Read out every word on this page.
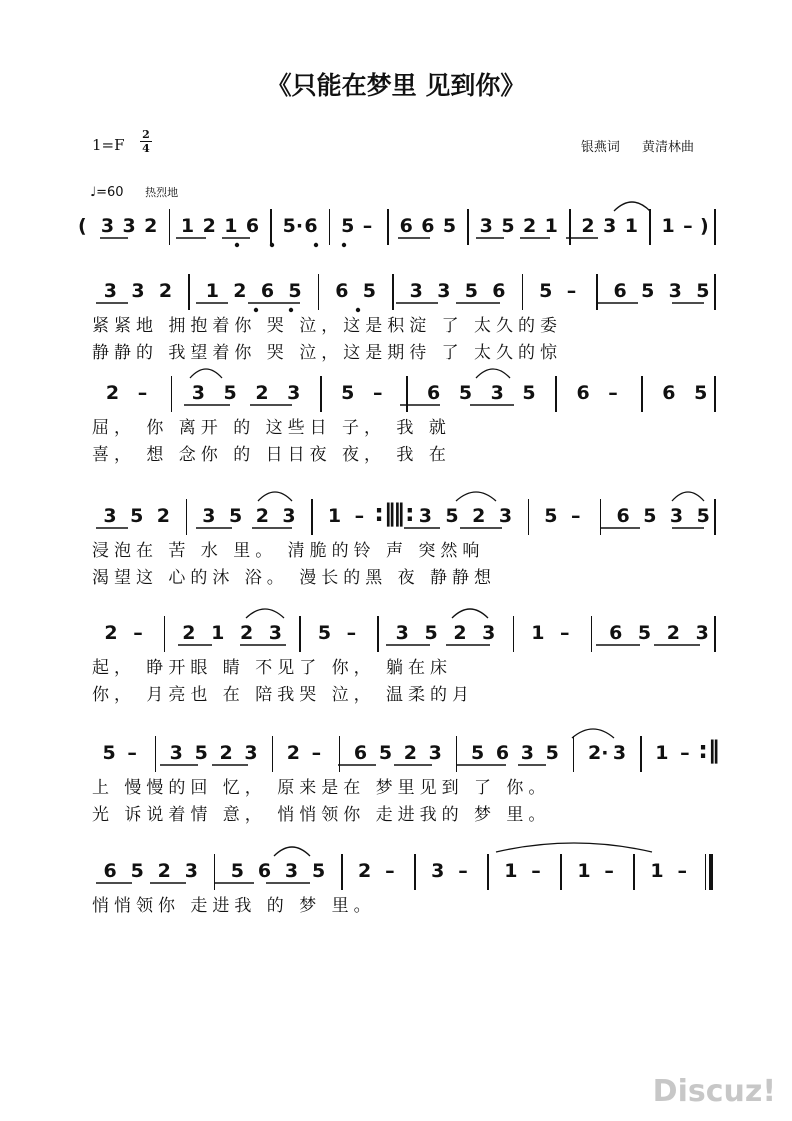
《只能在梦里 见到你》
1=F
2
4	银燕词 黄清林曲
♩=60 热烈地
( 3 3 2 1 2 1 6 5· 6 5 – 6 6 5 3 5 2 1 2 3 1 1 – )
3 3 2 1 2 6 5 6 5 3 3 5 6 5 – 6 5 3 5
紧紧地 拥抱着你 哭 泣，这是积淀 了 太久的委
静静的 我望着你 哭 泣，这是期待 了 太久的惊
2 – 3 5 2 3 5 – 6 5 3 5 6 – 6 5
屈， 你 离开 的 这些日 子， 我 就
喜， 想 念你 的 日日夜 夜， 我 在
3 5 2 3 5 2 3 1 – :‖
‖: 3 5 2 3 5 – 6 5 3 5
浸泡在 苦 水 里。 清脆的铃 声 突然响
渴望这 心的沐 浴。 漫长的黑 夜 静静想
2 – 2 1 2 3 5 – 3 5 2 3 1 – 6 5 2 3
起， 睁开眼 睛 不见了 你， 躺在床
你， 月亮也 在 陪我哭 泣， 温柔的月
5 – 3 5 2 3 2 – 6 5 2 3 5 6 3 5 2· 3 1 – :‖
上 慢慢的回 忆， 原来是在 梦里见到 了 你。
光 诉说着情 意， 悄悄领你 走进我的 梦 里。
6 5 2 3 5 6 3 5 2 – 3 – 1 – 1 – 1 –
悄悄领你 走进我 的 梦 里。
Discuz!
